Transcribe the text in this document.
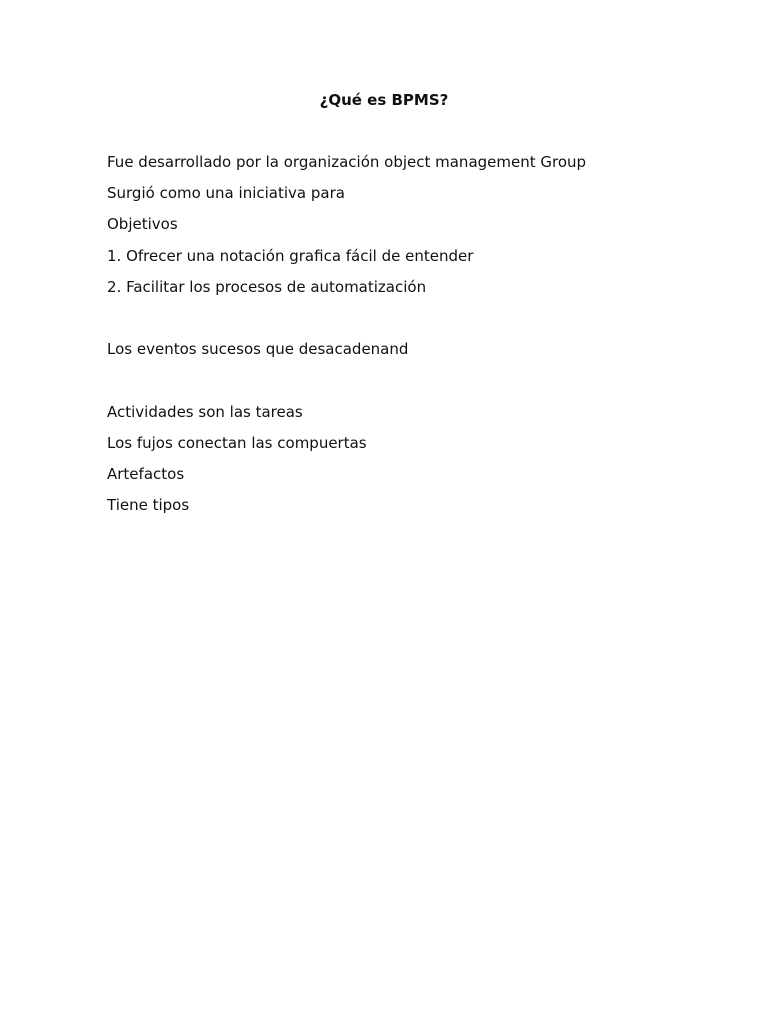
¿Qué es BPMS?
Fue desarrollado por la organización object management Group
Surgió como una iniciativa para
Objetivos
1. Ofrecer una notación grafica fácil de entender
2. Facilitar los procesos de automatización
Los eventos sucesos que desacadenand
Actividades son las tareas
Los fujos conectan las compuertas
Artefactos
Tiene tipos
